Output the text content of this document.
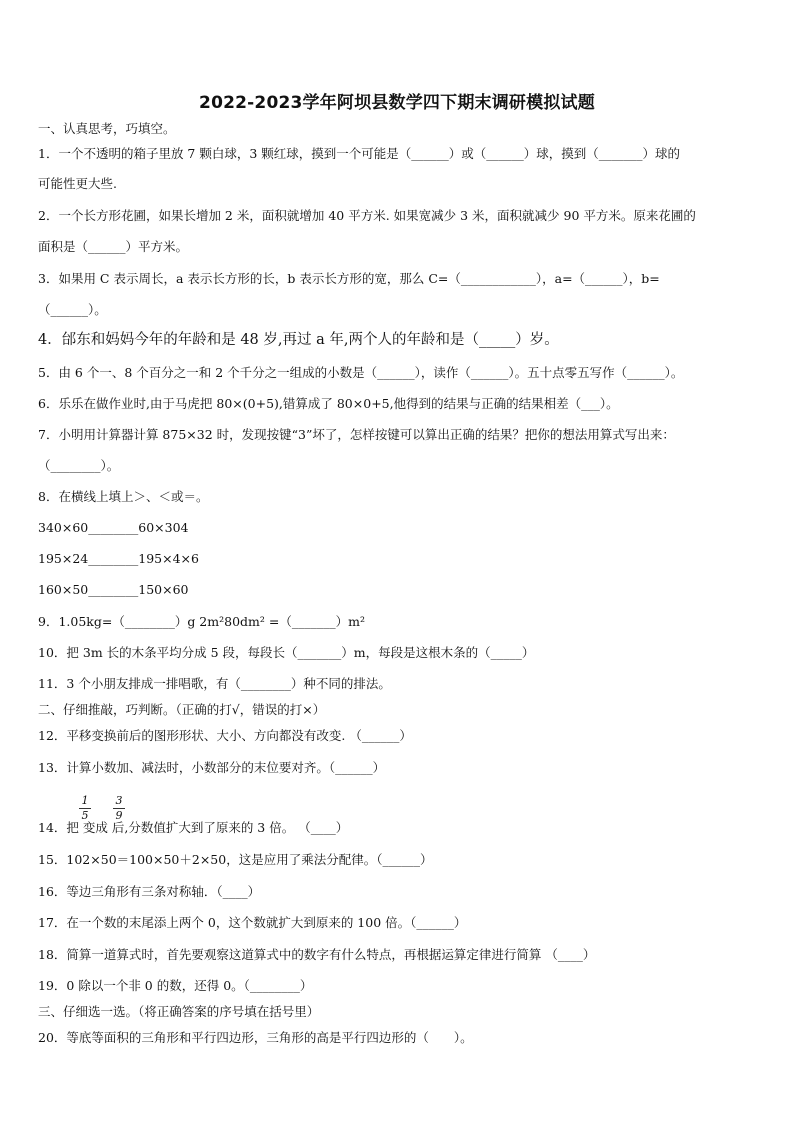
2022-2023学年阿坝县数学四下期末调研模拟试题
一、认真思考，巧填空。
1．一个不透明的箱子里放 7 颗白球，3 颗红球，摸到一个可能是（______）或（______）球，摸到（_______）球的
可能性更大些.
2．一个长方形花圃，如果长增加 2 米，面积就增加 40 平方米. 如果宽减少 3 米，面积就减少 90 平方米。原来花圃的
面积是（______）平方米。
3．如果用 C 表示周长，a 表示长方形的长，b 表示长方形的宽，那么 C=（____________），a=（______），b=
（______）。
4．邰东和妈妈今年的年龄和是 48 岁,再过 a 年,两个人的年龄和是（_____）岁。
5．由 6 个一、8 个百分之一和 2 个千分之一组成的小数是（______），读作（______）。五十点零五写作（______）。
6．乐乐在做作业时,由于马虎把 80×(0+5),错算成了 80×0+5,他得到的结果与正确的结果相差（___）。
7．小明用计算器计算 875×32 时，发现按键“3”坏了，怎样按键可以算出正确的结果？把你的想法用算式写出来：
（________）。
8．在横线上填上＞、＜或＝。
340×60________60×304
195×24________195×4×6
160×50________150×60
9．1.05kg=（________）g 2m²80dm² =（_______）m²
10．把 3m 长的木条平均分成 5 段，每段长（_______）m，每段是这根木条的（_____）
11．3 个小朋友排成一排唱歌，有（________）种不同的排法。
二、仔细推敲，巧判断。（正确的打√，错误的打×）
12．平移变换前后的图形形状、大小、方向都没有改变. （______）
13．计算小数加、减法时，小数部分的末位要对齐。（______）
1
5
3
9
14．把 变成 后,分数值扩大到了原来的 3 倍。 （____）
15．102×50＝100×50＋2×50，这是应用了乘法分配律。（______）
16．等边三角形有三条对称轴．（____）
17．在一个数的末尾添上两个 0，这个数就扩大到原来的 100 倍。（______）
18．简算一道算式时，首先要观察这道算式中的数字有什么特点，再根据运算定律进行简算 （____）
19．0 除以一个非 0 的数，还得 0。（________）
三、仔细选一选。（将正确答案的序号填在括号里）
20．等底等面积的三角形和平行四边形，三角形的高是平行四边形的（　　）。
